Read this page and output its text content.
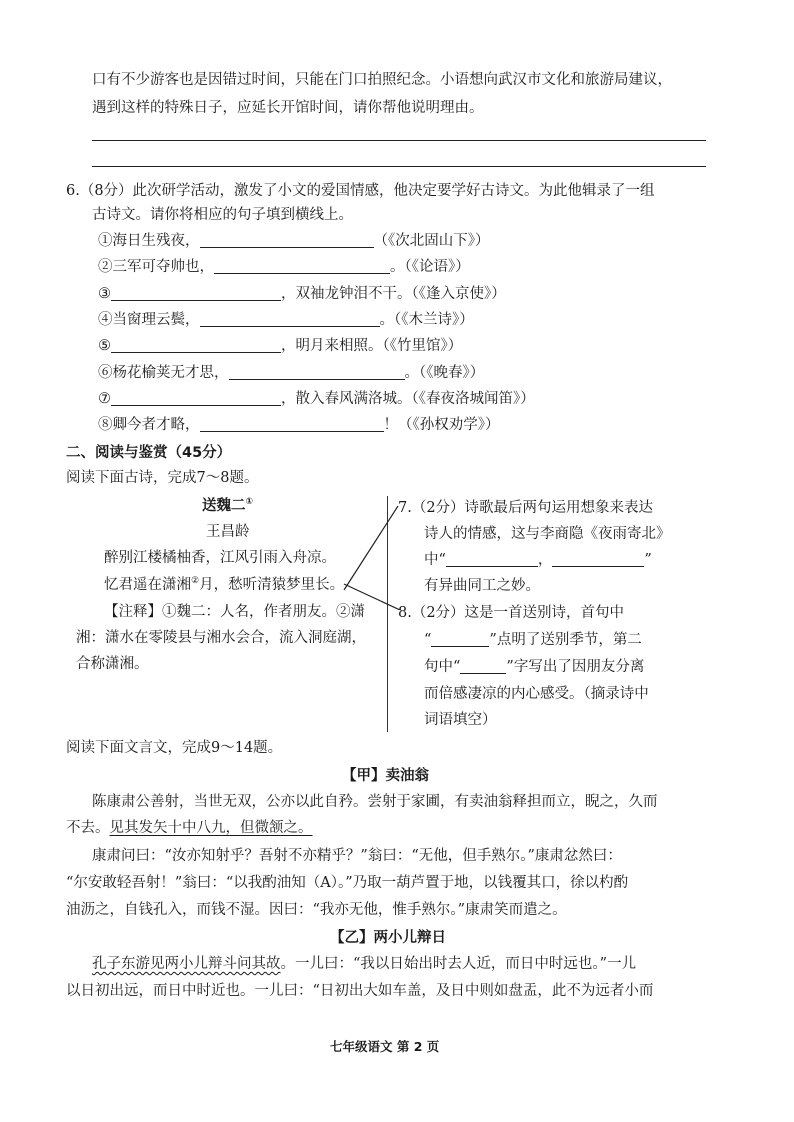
口有不少游客也是因错过时间，只能在门口拍照纪念。小语想向武汉市文化和旅游局建议，
遇到这样的特殊日子，应延长开馆时间，请你帮他说明理由。
6.（8分）此次研学活动，激发了小文的爱国情感，他决定要学好古诗文。为此他辑录了一组
古诗文。请你将相应的句子填到横线上。
①海日生残夜，	（《次北固山下》）
②三军可夺帅也，	。（《论语》）
③	，双袖龙钟泪不干。（《逢入京使》）
④当窗理云鬓，	。（《木兰诗》）
⑤	，明月来相照。（《竹里馆》）
⑥杨花榆荚无才思，	。（《晚春》）
⑦	，散入春风满洛城。（《春夜洛城闻笛》）
⑧卿今者才略，	！（《孙权劝学》）
二、阅读与鉴赏（45分）
阅读下面古诗，完成7～8题。
送魏二①
王昌龄
醉别江楼橘柚香，江风引雨入舟凉。
忆君遥在潇湘②月，愁听清猿梦里长。
【注释】①魏二：人名，作者朋友。②潇
湘：潇水在零陵县与湘水会合，流入洞庭湖，
合称潇湘。
7.（2分）诗歌最后两句运用想象来表达
诗人的情感，这与李商隐《夜雨寄北》
中“	，	”
有异曲同工之妙。
8.（2分）这是一首送别诗，首句中
“	”点明了送别季节，第二
句中“	”字写出了因朋友分离
而倍感凄凉的内心感受。（摘录诗中
词语填空）
阅读下面文言文，完成9～14题。
【甲】卖油翁
陈康肃公善射，当世无双，公亦以此自矜。尝射于家圃，有卖油翁释担而立，睨之，久而
不去。见其发矢十中八九，但微颔之。
康肃问曰：“汝亦知射乎？吾射不亦精乎？”翁曰：“无他，但手熟尔。”康肃忿然曰：
“尔安敢轻吾射！”翁曰：“以我酌油知（A）。”乃取一葫芦置于地，以钱覆其口，徐以杓酌
油沥之，自钱孔入，而钱不湿。因曰：“我亦无他，惟手熟尔。”康肃笑而遣之。
【乙】两小儿辩日
孔子东游见两小儿辩斗问其故。一儿曰：“我以日始出时去人近，而日中时远也。”一儿
以日初出远，而日中时近也。一儿曰：“日初出大如车盖，及日中则如盘盂，此不为远者小而
七年级语文 第 2 页
